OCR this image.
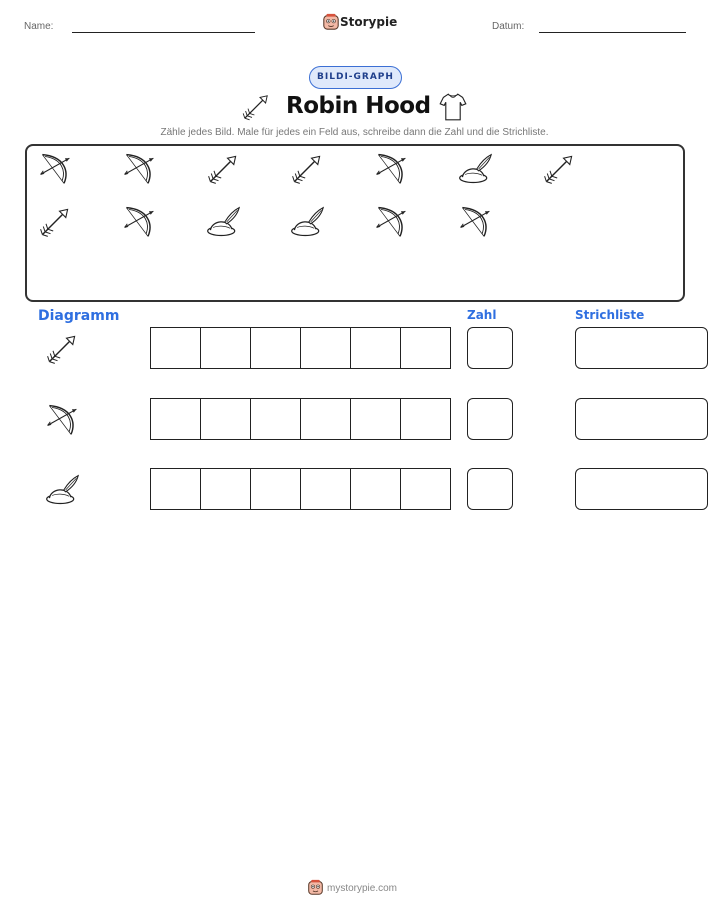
Name:	Storypie	Datum:
BILDI-GRAPH
Robin Hood
Zähle jedes Bild. Male für jedes ein Feld aus, schreibe dann die Zahl und die Strichliste.
Diagramm	Zahl	Strichliste
mystorypie.com
